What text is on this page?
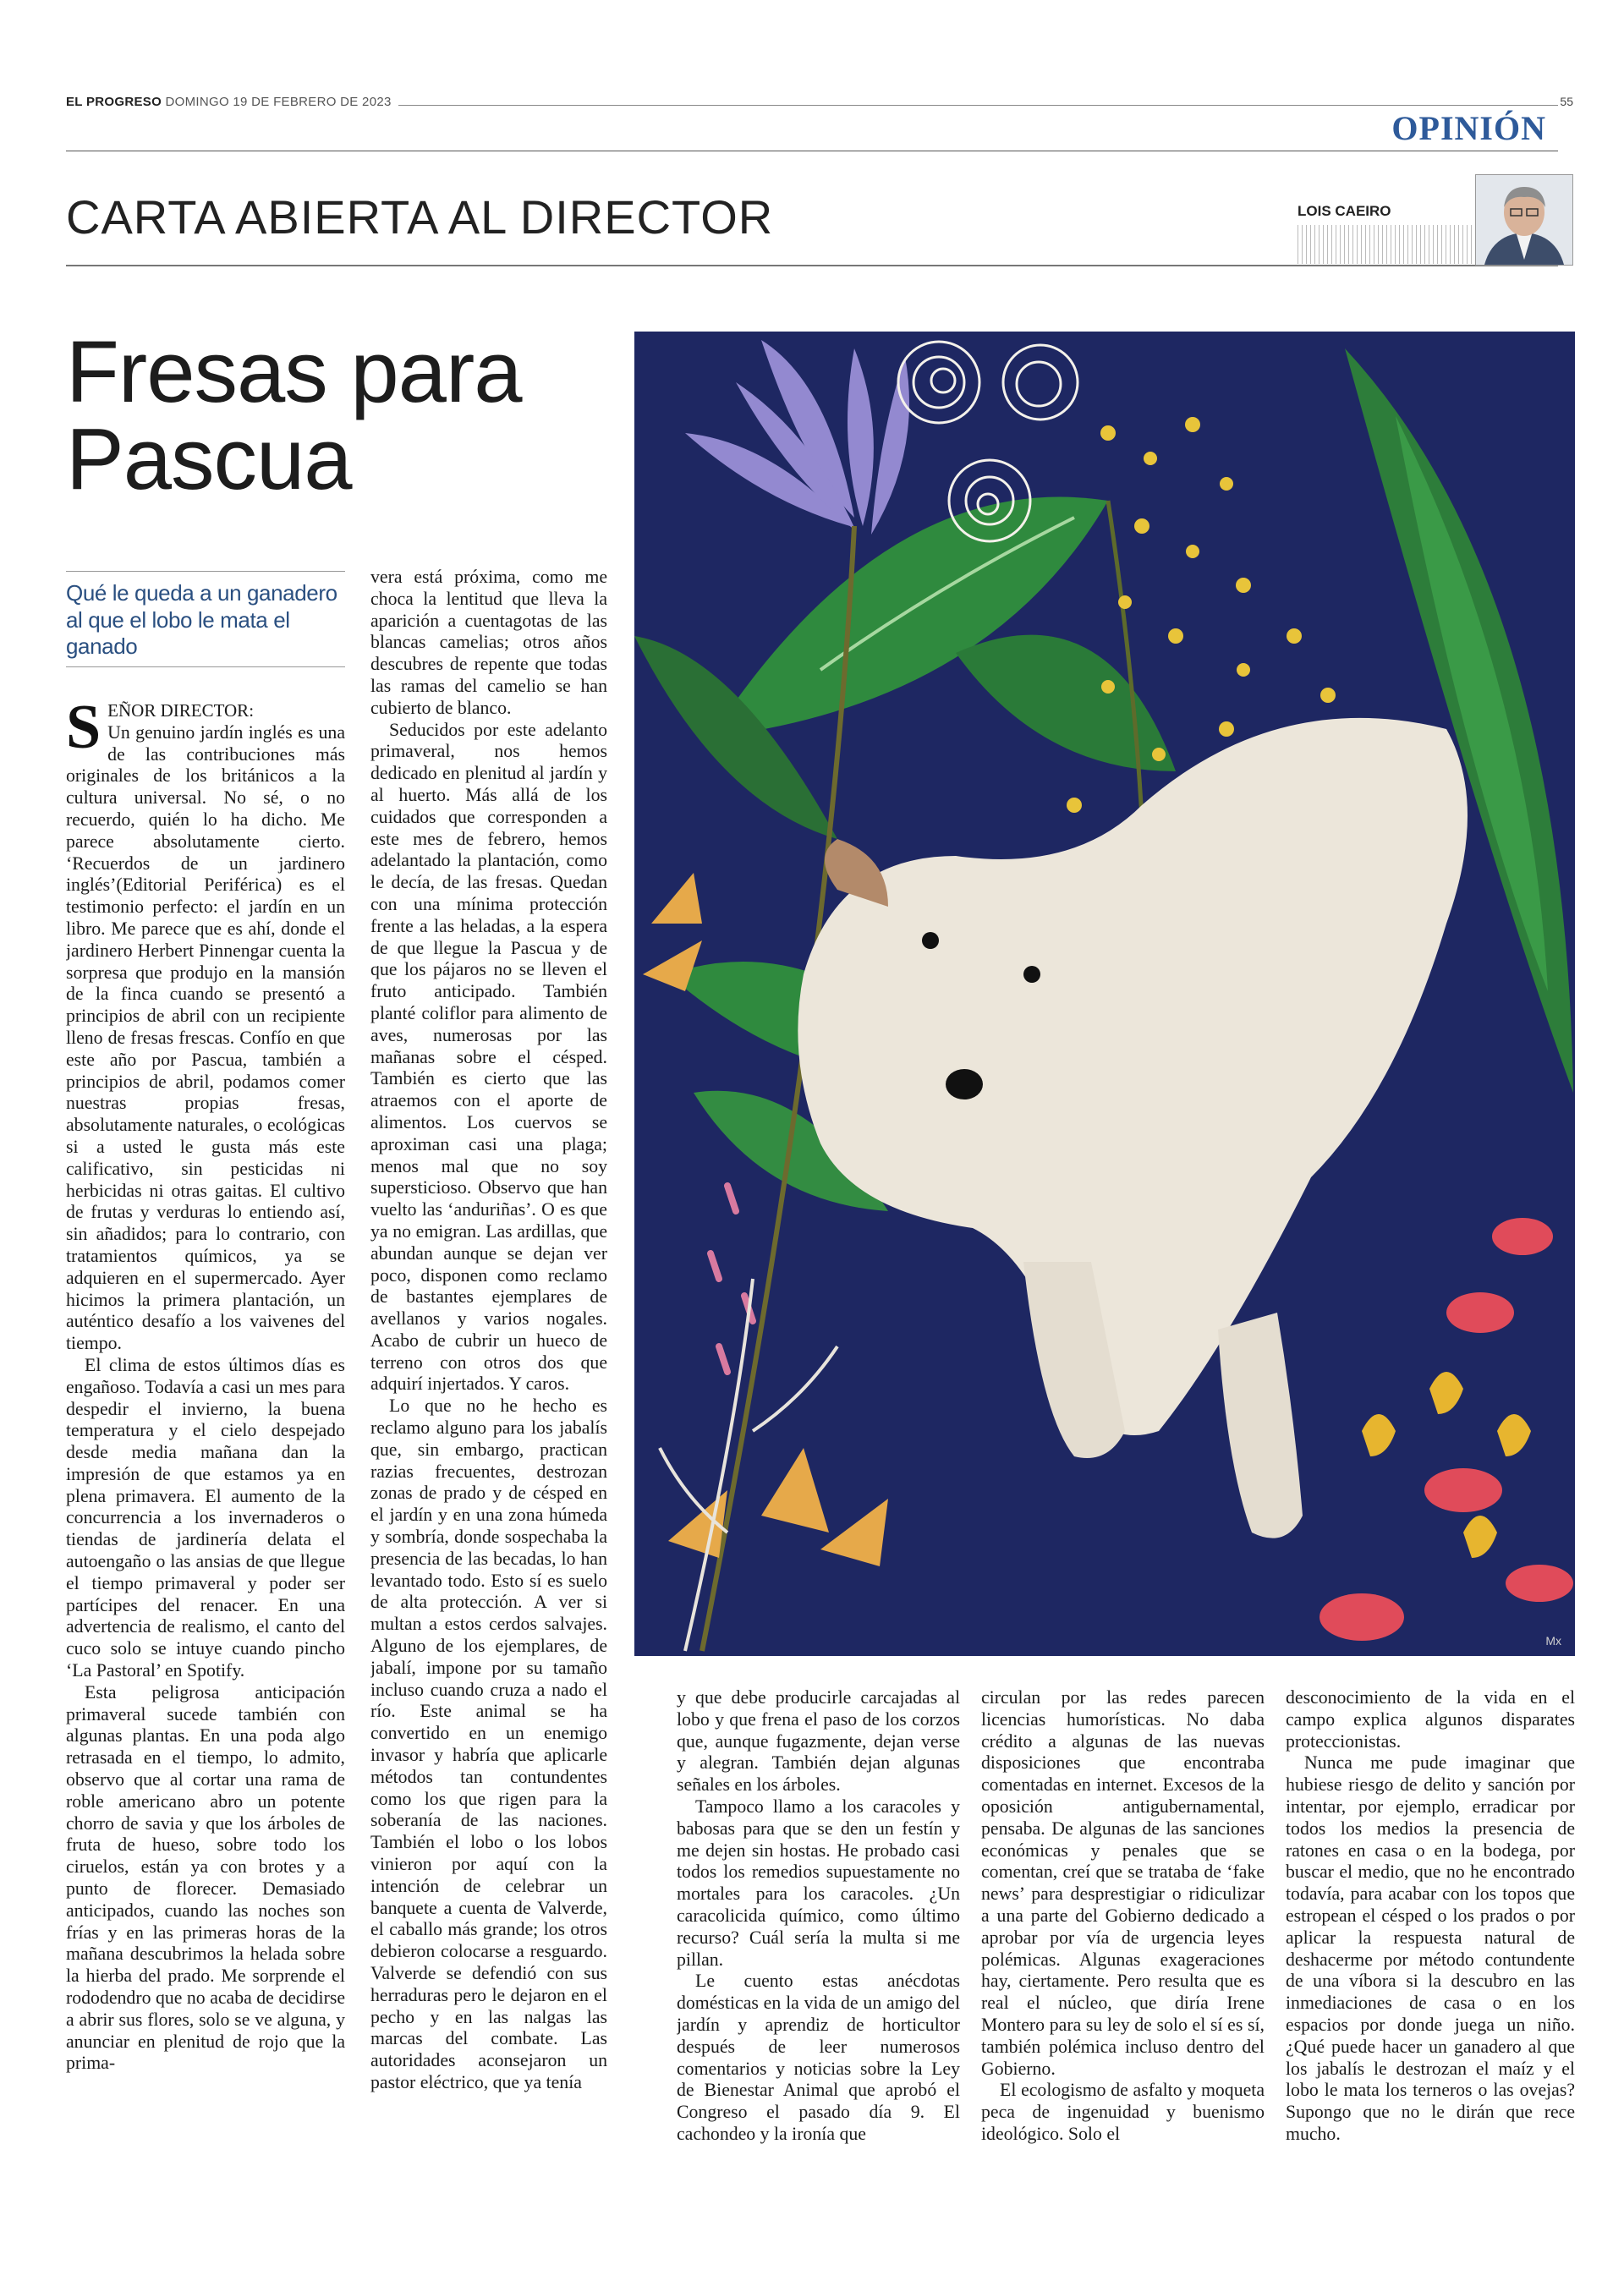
EL PROGRESO DOMINGO 19 DE FEBRERO DE 2023	55
OPINIÓN
CARTA ABIERTA AL DIRECTOR	LOIS CAEIRO
Fresas para Pascua
Qué le queda a un ganadero al que el lobo le mata el ganado
Mx

SEÑOR DIRECTOR:
Un genuino jardín inglés es una de las contribuciones más originales de los británicos a la cultura universal. No sé, o no recuerdo, quién lo ha dicho. Me parece absolutamente cierto. ‘Recuerdos de un jardinero inglés’(Editorial Periférica) es el testimonio perfecto: el jardín en un libro. Me parece que es ahí, donde el jardinero Herbert Pinnengar cuenta la sorpresa que produjo en la mansión de la finca cuando se presentó a principios de abril con un recipiente lleno de fresas frescas. Confío en que este año por Pascua, también a principios de abril, podamos comer nuestras propias fresas, absolutamente naturales, o ecológicas si a usted le gusta más este calificativo, sin pesticidas ni herbicidas ni otras gaitas. El cultivo de frutas y verduras lo entiendo así, sin añadidos; para lo contrario, con tratamientos químicos, ya se adquieren en el supermercado. Ayer hicimos la primera plantación, un auténtico desafío a los vaivenes del tiempo.

El clima de estos últimos días es engañoso. Todavía a casi un mes para despedir el invierno, la buena temperatura y el cielo despejado desde media mañana dan la impresión de que estamos ya en plena primavera. El aumento de la concurrencia a los invernaderos o tiendas de jardinería delata el autoengaño o las ansias de que llegue el tiempo primaveral y poder ser partícipes del renacer. En una advertencia de realismo, el canto del cuco solo se intuye cuando pincho ‘La Pastoral’ en Spotify.

Esta peligrosa anticipación primaveral sucede también con algunas plantas. En una poda algo retrasada en el tiempo, lo admito, observo que al cortar una rama de roble americano abro un potente chorro de savia y que los árboles de fruta de hueso, sobre todo los ciruelos, están ya con brotes y a punto de florecer. Demasiado anticipados, cuando las noches son frías y en las primeras horas de la mañana descubrimos la helada sobre la hierba del prado. Me sorprende el rododendro que no acaba de decidirse a abrir sus flores, solo se ve alguna, y anunciar en plenitud de rojo que la prima-

vera está próxima, como me choca la lentitud que lleva la aparición a cuentagotas de las blancas camelias; otros años descubres de repente que todas las ramas del camelio se han cubierto de blanco.

Seducidos por este adelanto primaveral, nos hemos dedicado en plenitud al jardín y al huerto. Más allá de los cuidados que corresponden a este mes de febrero, hemos adelantado la plantación, como le decía, de las fresas. Quedan con una mínima protección frente a las heladas, a la espera de que llegue la Pascua y de que los pájaros no se lleven el fruto anticipado. También planté coliflor para alimento de aves, numerosas por las mañanas sobre el césped. También es cierto que las atraemos con el aporte de alimentos. Los cuervos se aproximan casi una plaga; menos mal que no soy supersticioso. Observo que han vuelto las ‘anduriñas’. O es que ya no emigran. Las ardillas, que abundan aunque se dejan ver poco, disponen como reclamo de bastantes ejemplares de avellanos y varios nogales. Acabo de cubrir un hueco de terreno con otros dos que adquirí injertados. Y caros.

Lo que no he hecho es reclamo alguno para los jabalís que, sin embargo, practican razias frecuentes, destrozan zonas de prado y de césped en el jardín y en una zona húmeda y sombría, donde sospechaba la presencia de las becadas, lo han levantado todo. Esto sí es suelo de alta protección. A ver si multan a estos cerdos salvajes. Alguno de los ejemplares, de jabalí, impone por su tamaño incluso cuando cruza a nado el río. Este animal se ha convertido en un enemigo invasor y habría que aplicarle métodos tan contundentes como los que rigen para la soberanía de las naciones. También el lobo o los lobos vinieron por aquí con la intención de celebrar un banquete a cuenta de Valverde, el caballo más grande; los otros debieron colocarse a resguardo. Valverde se defendió con sus herraduras pero le dejaron en el pecho y en las nalgas las marcas del combate. Las autoridades aconsejaron un pastor eléctrico, que ya tenía

y que debe producirle carcajadas al lobo y que frena el paso de los corzos que, aunque fugazmente, dejan verse y alegran. También dejan algunas señales en los árboles.

Tampoco llamo a los caracoles y babosas para que se den un festín y me dejen sin hostas. He probado casi todos los remedios supuestamente no mortales para los caracoles. ¿Un caracolicida químico, como último recurso? Cuál sería la multa si me pillan.

Le cuento estas anécdotas domésticas en la vida de un amigo del jardín y aprendiz de horticultor después de leer numerosos comentarios y noticias sobre la Ley de Bienestar Animal que aprobó el Congreso el pasado día 9. El cachondeo y la ironía que

circulan por las redes parecen licencias humorísticas. No daba crédito a algunas de las nuevas disposiciones que encontraba comentadas en internet. Excesos de la oposición antigubernamental, pensaba. De algunas de las sanciones económicas y penales que se comentan, creí que se trataba de ‘fake news’ para desprestigiar o ridiculizar a una parte del Gobierno dedicado a aprobar por vía de urgencia leyes polémicas. Algunas exageraciones hay, ciertamente. Pero resulta que es real el núcleo, que diría Irene Montero para su ley de solo el sí es sí, también polémica incluso dentro del Gobierno.

El ecologismo de asfalto y moqueta peca de ingenuidad y buenismo ideológico. Solo el

desconocimiento de la vida en el campo explica algunos disparates proteccionistas.

Nunca me pude imaginar que hubiese riesgo de delito y sanción por intentar, por ejemplo, erradicar por todos los medios la presencia de ratones en casa o en la bodega, por buscar el medio, que no he encontrado todavía, para acabar con los topos que estropean el césped o los prados o por aplicar la respuesta natural de deshacerme por método contundente de una víbora si la descubro en las inmediaciones de casa o en los espacios por donde juega un niño. ¿Qué puede hacer un ganadero al que los jabalís le destrozan el maíz y el lobo le mata los terneros o las ovejas? Supongo que no le dirán que rece mucho.
